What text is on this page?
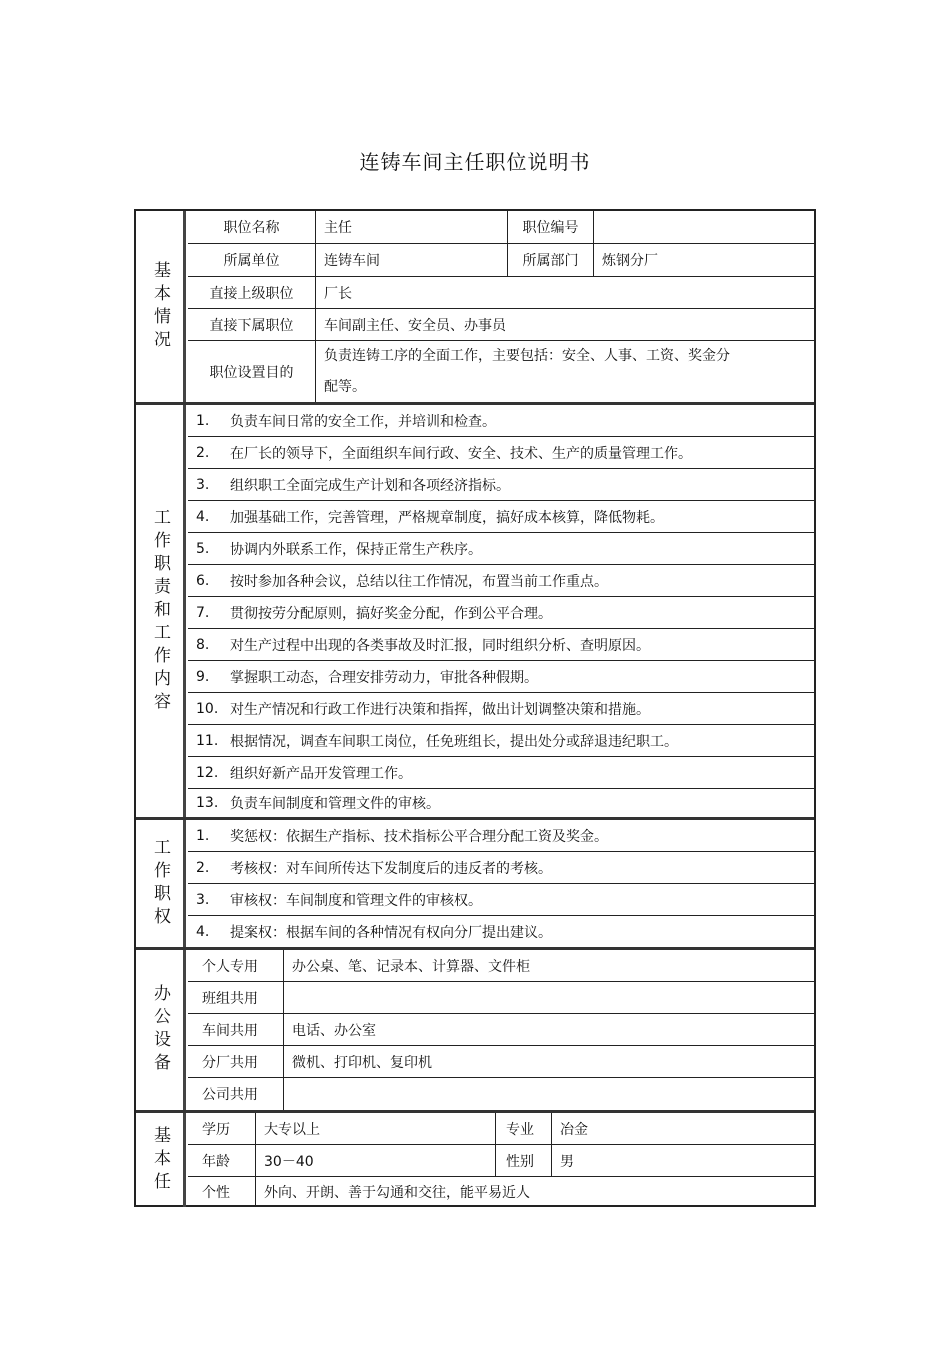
连铸车间主任职位说明书
基本情况
职位名称	主任	职位编号
所属单位	连铸车间	所属部门	炼钢分厂
直接上级职位	厂长
直接下属职位	车间副主任、安全员、办事员
职位设置目的
负责连铸工序的全面工作，主要包括：安全、人事、工资、奖金分
配等。
工作职责和工作内容
1.	负责车间日常的安全工作，并培训和检查。
2.	在厂长的领导下，全面组织车间行政、安全、技术、生产的质量管理工作。
3.	组织职工全面完成生产计划和各项经济指标。
4.	加强基础工作，完善管理，严格规章制度，搞好成本核算，降低物耗。
5.	协调内外联系工作，保持正常生产秩序。
6.	按时参加各种会议，总结以往工作情况，布置当前工作重点。
7.	贯彻按劳分配原则，搞好奖金分配，作到公平合理。
8.	对生产过程中出现的各类事故及时汇报，同时组织分析、查明原因。
9.	掌握职工动态，合理安排劳动力，审批各种假期。
10. 对生产情况和行政工作进行决策和指挥，做出计划调整决策和措施。
11. 根据情况，调查车间职工岗位，任免班组长，提出处分或辞退违纪职工。
12. 组织好新产品开发管理工作。
13. 负责车间制度和管理文件的审核。
工作职权
1.	奖惩权：依据生产指标、技术指标公平合理分配工资及奖金。
2.	考核权：对车间所传达下发制度后的违反者的考核。
3.	审核权：车间制度和管理文件的审核权。
4.	提案权：根据车间的各种情况有权向分厂提出建议。
办公设备
个人专用	办公桌、笔、记录本、计算器、文件柜
班组共用
车间共用	电话、办公室
分厂共用	微机、打印机、复印机
公司共用
基本任	学历	大专以上	专业	冶金
年龄	30－40	性别	男
个性	外向、开朗、善于勾通和交往，能平易近人
